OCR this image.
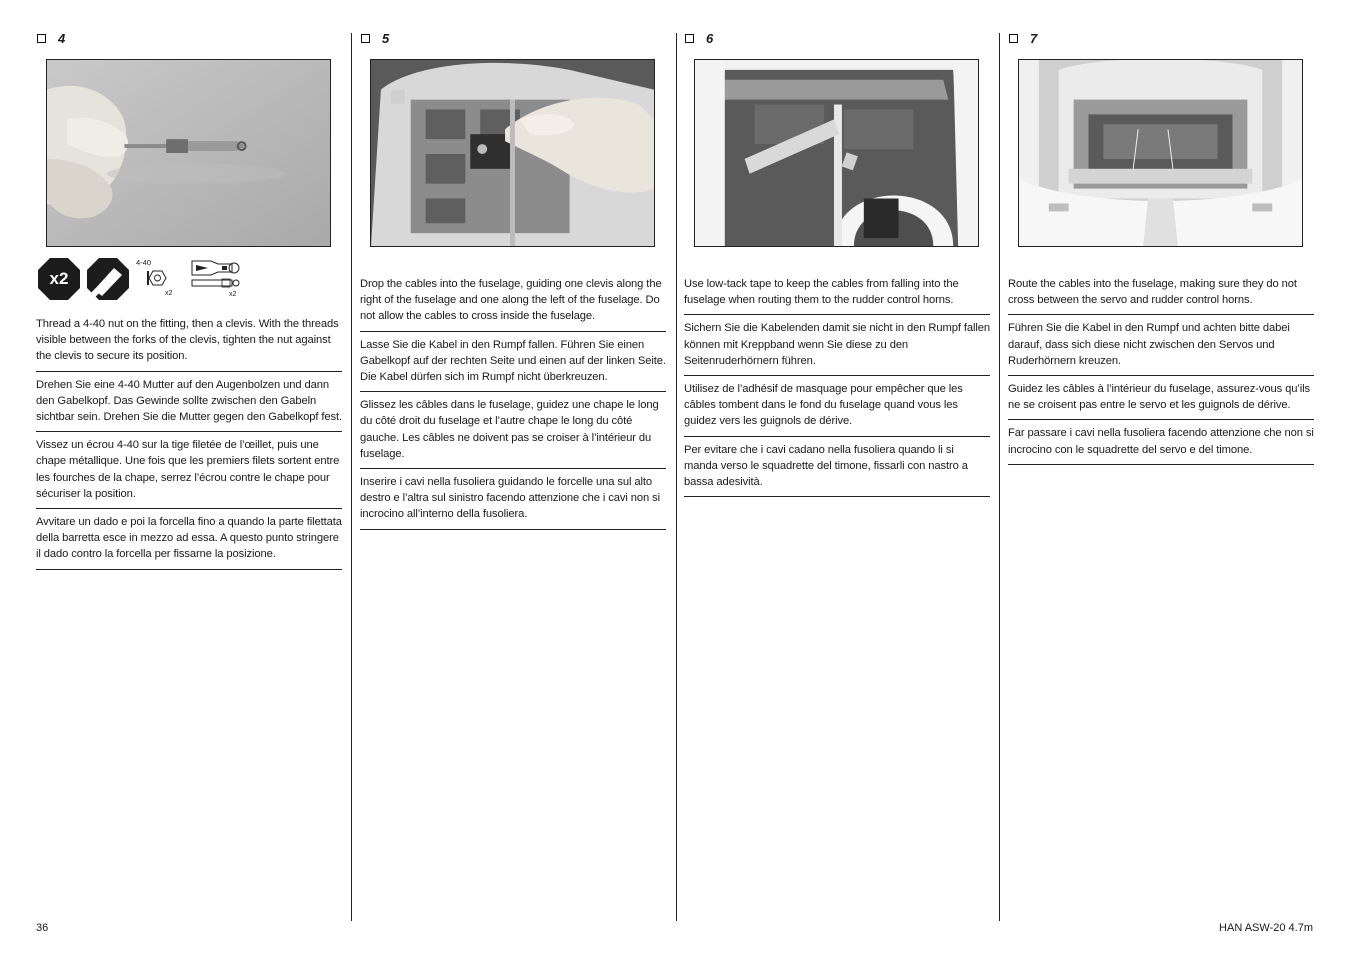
4
x2
4-40
x2	x2

Thread a 4-40 nut on the fitting, then a clevis. With the threads visible between the forks of the clevis, tighten the nut against the clevis to secure its position.

Drehen Sie eine 4-40 Mutter auf den Augenbolzen und dann den Gabelkopf. Das Gewinde sollte zwischen den Gabeln sichtbar sein. Drehen Sie die Mutter gegen den Gabelkopf fest.

Vissez un écrou 4-40 sur la tige filetée de l’œillet, puis une chape métallique. Une fois que les premiers filets sortent entre les fourches de la chape, serrez l’écrou contre le chape pour sécuriser la position.

Avvitare un dado e poi la forcella fino a quando la parte filettata della barretta esce in mezzo ad essa. A questo punto stringere il dado contro la forcella per fissarne la posizione.

5

Drop the cables into the fuselage, guiding one clevis along the right of the fuselage and one along the left of the fuselage. Do not allow the cables to cross inside the fuselage.

Lasse Sie die Kabel in den Rumpf fallen. Führen Sie einen Gabelkopf auf der rechten Seite und einen auf der linken Seite. Die Kabel dürfen sich im Rumpf nicht überkreuzen.

Glissez les câbles dans le fuselage, guidez une chape le long du côté droit du fuselage et l’autre chape le long du côté gauche. Les câbles ne doivent pas se croiser à l’intérieur du fuselage.

Inserire i cavi nella fusoliera guidando le forcelle una sul alto destro e l’altra sul sinistro facendo attenzione che i cavi non si incrocino all’interno della fusoliera.

6

Use low-tack tape to keep the cables from falling into the fuselage when routing them to the rudder control horns.

Sichern Sie die Kabelenden damit sie nicht in den Rumpf fallen können mit Kreppband wenn Sie diese zu den Seitenruderhörnern führen.

Utilisez de l’adhésif de masquage pour empêcher que les câbles tombent dans le fond du fuselage quand vous les guidez vers les guignols de dérive.

Per evitare che i cavi cadano nella fusoliera quando li si manda verso le squadrette del timone, fissarli con nastro a bassa adesività.

7

Route the cables into the fuselage, making sure they do not cross between the servo and rudder control horns.

Führen Sie die Kabel in den Rumpf und achten bitte dabei darauf, dass sich diese nicht zwischen den Servos und Ruderhörnern kreuzen.

Guidez les câbles à l’intérieur du fuselage, assurez-vous qu’ils ne se croisent pas entre le servo et les guignols de dérive.

Far passare i cavi nella fusoliera facendo attenzione che non si incrocino con le squadrette del servo e del timone.

36	HAN ASW-20 4.7m
